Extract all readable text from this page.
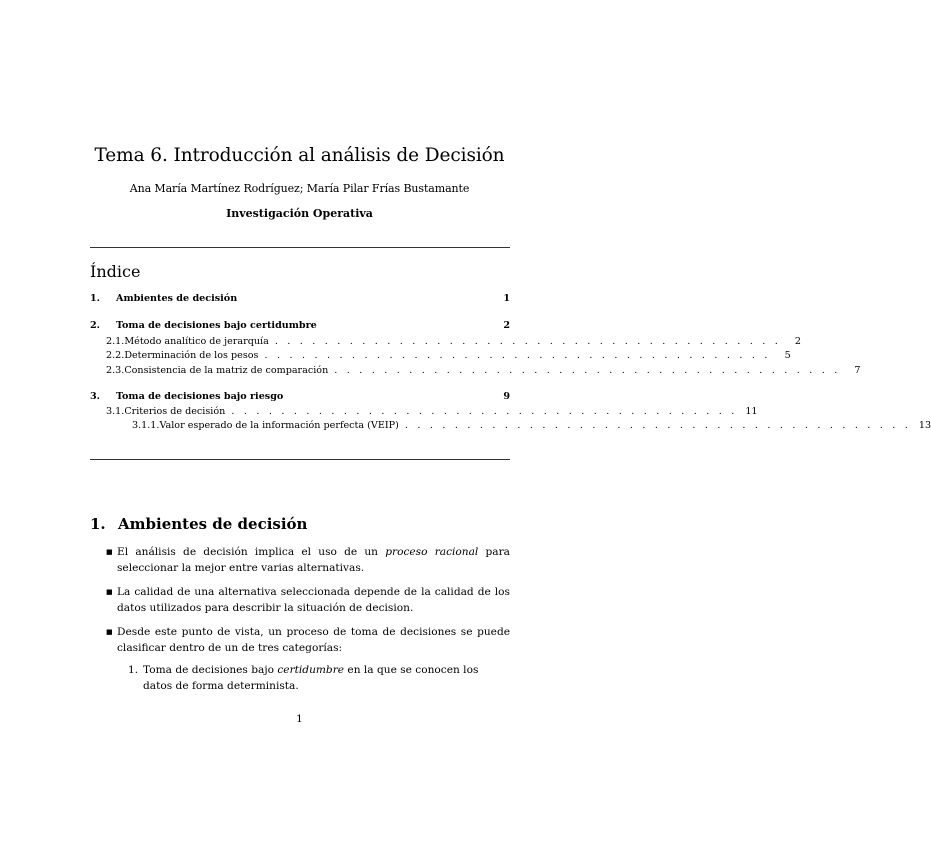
Tema 6. Introducción al análisis de Decisión
Ana María Martínez Rodríguez; María Pilar Frías Bustamante
Investigación Operativa
Índice
1.	Ambientes de decisión	1
2.	Toma de decisiones bajo certidumbre	2
2.1. Método analítico de jerarquía . . . . . . . . . . . . . . . . . . . . . . . . . . . . . . . . . . . . . . . . .	2
2.2. Determinación de los pesos . . . . . . . . . . . . . . . . . . . . . . . . . . . . . . . . . . . . . . . . .	5
2.3. Consistencia de la matriz de comparación . . . . . . . . . . . . . . . . . . . . . . . . . . . . . . . . . . . . . . . . .	7
3.	Toma de decisiones bajo riesgo	9
3.1. Criterios de decisión . . . . . . . . . . . . . . . . . . . . . . . . . . . . . . . . . . . . . . . . . 11
3.1.1. Valor esperado de la información perfecta (VEIP) . . . . . . . . . . . . . . . . . . . . . . . . . . . . . . . . . . . . . . . . . 13
1. Ambientes de decisión
■ El análisis de decisión implica el uso de un proceso racional para seleccionar la mejor entre varias alternativas.
■ La calidad de una alternativa seleccionada depende de la calidad de los datos utilizados para describir la situación de decision.
■ Desde este punto de vista, un proceso de toma de decisiones se puede clasificar dentro de un de tres categorías:
1. Toma de decisiones bajo certidumbre en la que se conocen los datos de forma determinista.
1
